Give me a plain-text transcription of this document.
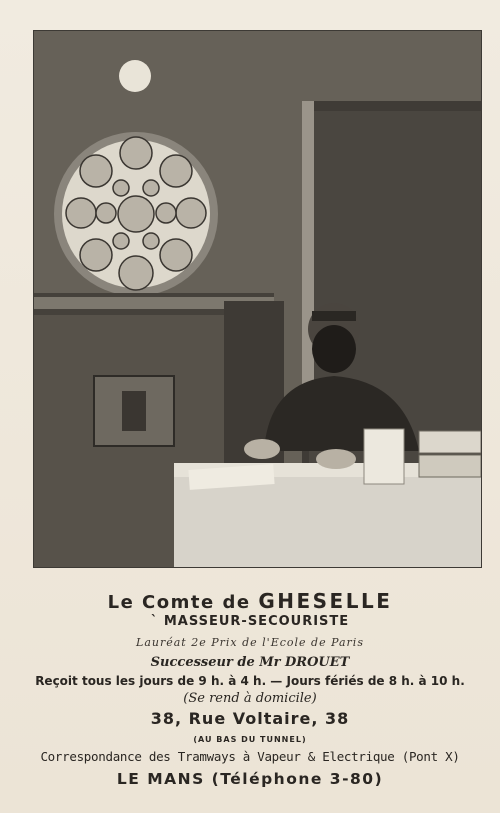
Le Comte de GHESELLE
` MASSEUR-SECOURISTE
Lauréat 2e Prix de l'Ecole de Paris
Successeur de Mr DROUET
Reçoit tous les jours de 9 h. à 4 h. — Jours fériés de 8 h. à 10 h.
(Se rend à domicile)
38, Rue Voltaire, 38
(AU BAS DU TUNNEL)
Correspondance des Tramways à Vapeur & Electrique (Pont X)
LE MANS (Téléphone 3-80)
